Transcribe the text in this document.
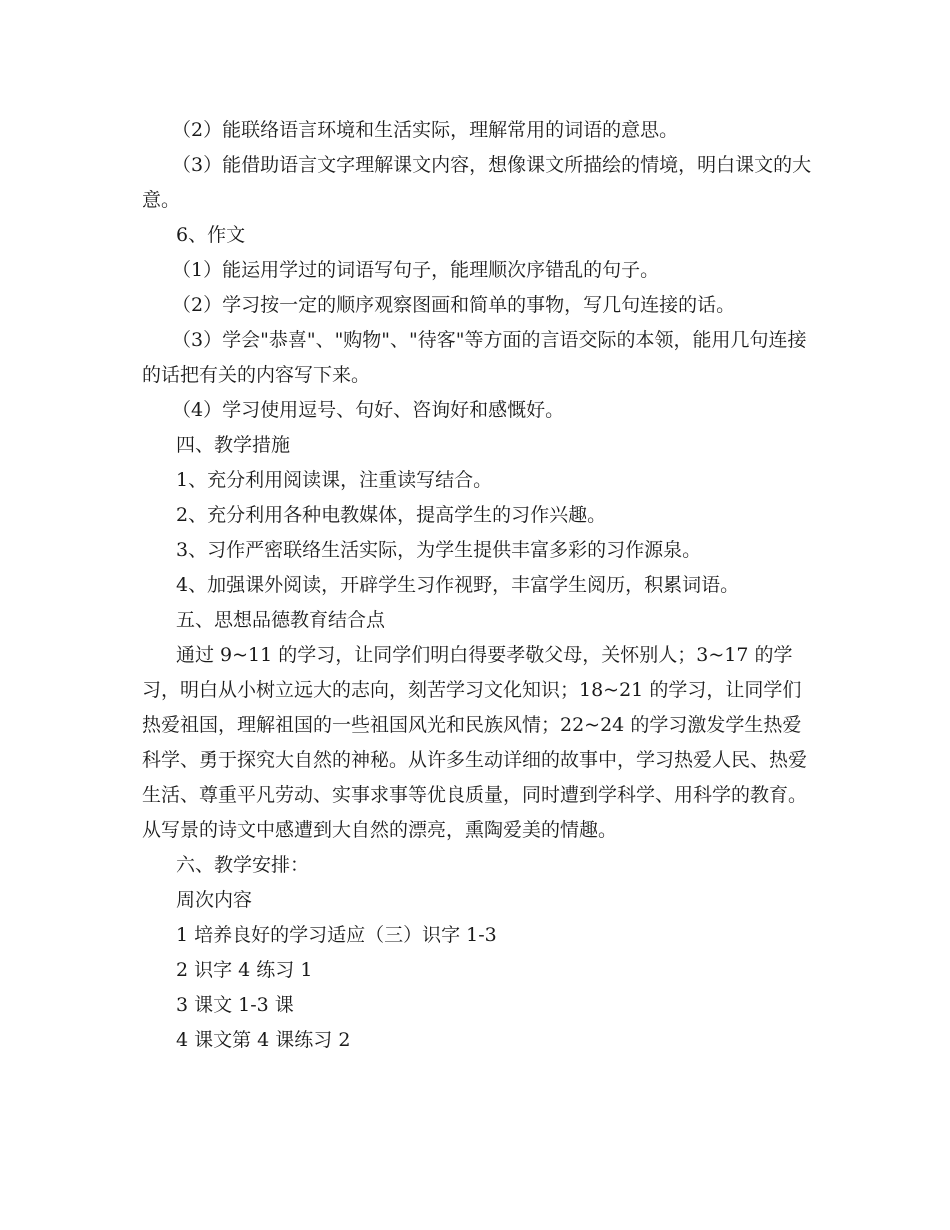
（2）能联络语言环境和生活实际，理解常用的词语的意思。

（3）能借助语言文字理解课文内容，想像课文所描绘的情境，明白课文的大意。

6、作文

（1）能运用学过的词语写句子，能理顺次序错乱的句子。

（2）学习按一定的顺序观察图画和简单的事物，写几句连接的话。

（3）学会"恭喜"、"购物"、"待客"等方面的言语交际的本领，能用几句连接的话把有关的内容写下来。

（4）学习使用逗号、句好、咨询好和感慨好。

四、教学措施

1、充分利用阅读课，注重读写结合。

2、充分利用各种电教媒体，提高学生的习作兴趣。

3、习作严密联络生活实际，为学生提供丰富多彩的习作源泉。

4、加强课外阅读，开辟学生习作视野，丰富学生阅历，积累词语。

五、思想品德教育结合点

通过 9~11 的学习，让同学们明白得要孝敬父母，关怀别人；3~17 的学习，明白从小树立远大的志向，刻苦学习文化知识；18~21 的学习，让同学们热爱祖国，理解祖国的一些祖国风光和民族风情；22~24 的学习激发学生热爱科学、勇于探究大自然的神秘。从许多生动详细的故事中，学习热爱人民、热爱生活、尊重平凡劳动、实事求事等优良质量，同时遭到学科学、用科学的教育。从写景的诗文中感遭到大自然的漂亮，熏陶爱美的情趣。

六、教学安排：

周次内容

1 培养良好的学习适应（三）识字 1-3

2 识字 4 练习 1

3 课文 1-3 课

4 课文第 4 课练习 2
